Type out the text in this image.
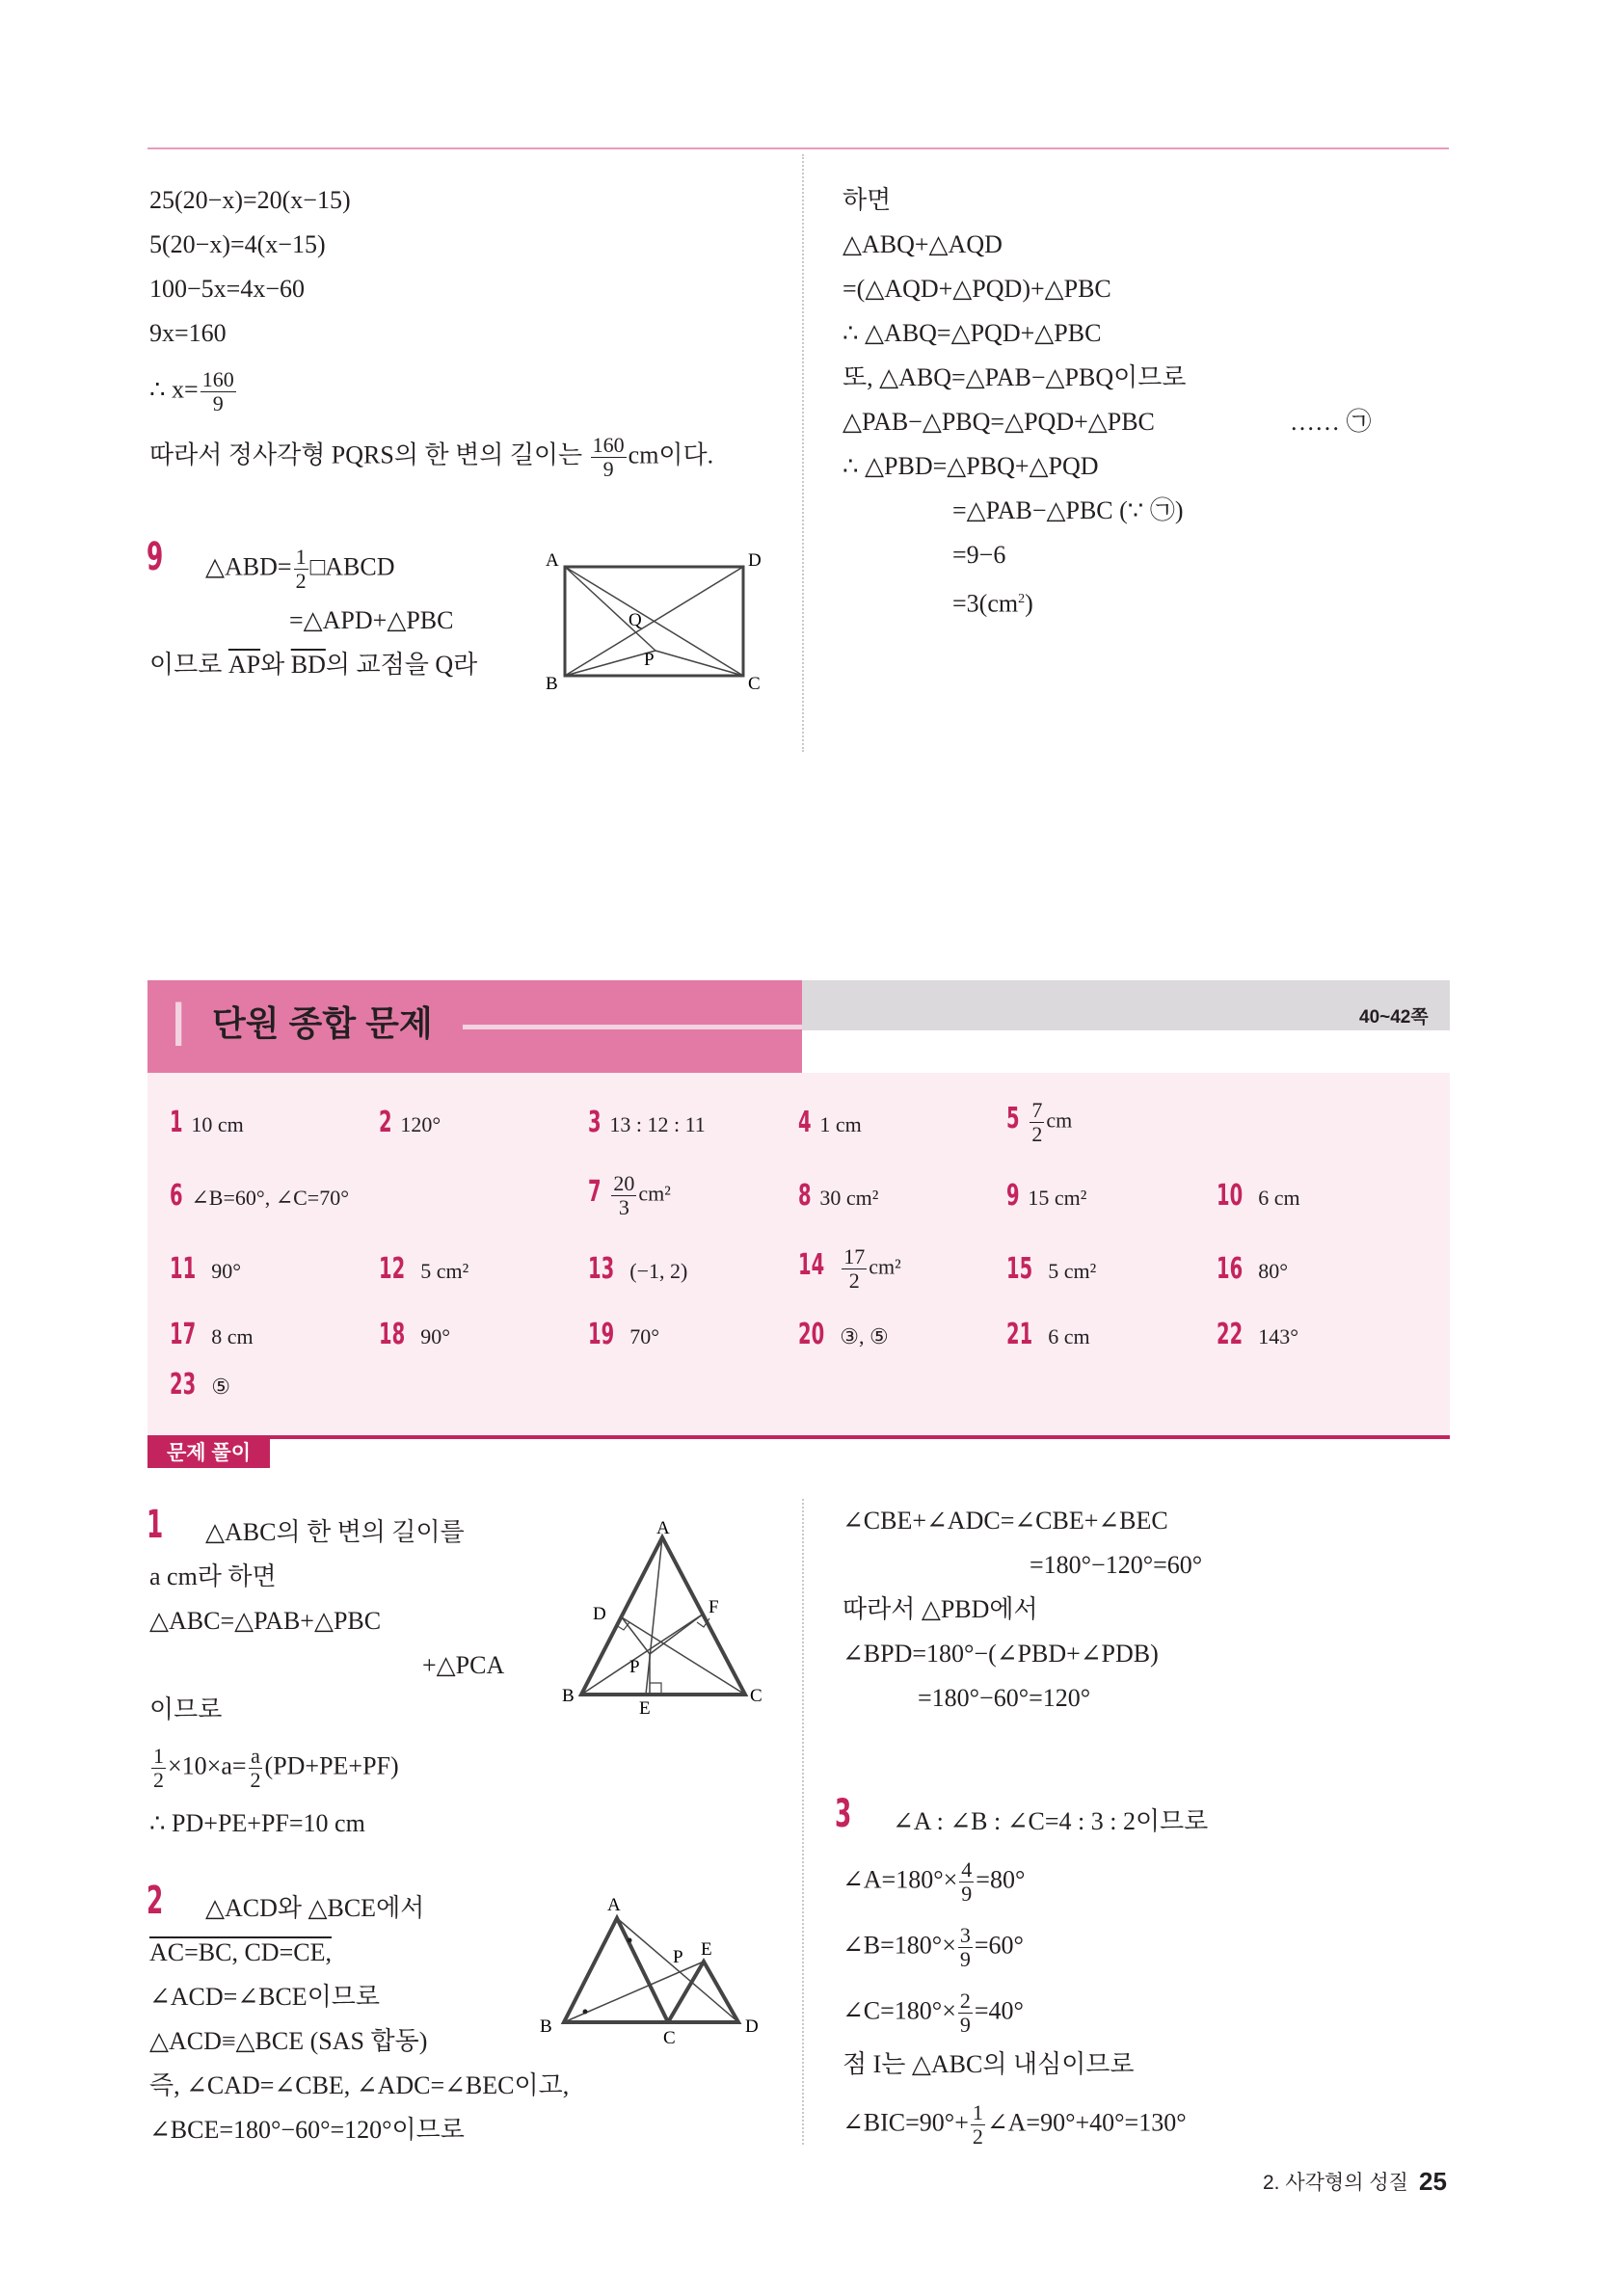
25(20−x)=20(x−15)
5(20−x)=4(x−15)
100−5x=4x−60
9x=160
∴ $x= \frac{160}{9}$
따라서 정사각형 PQRS의 한 변의 길이는 $\frac{160}{9}$ cm이다.
9 △ABD= $\frac{1}{2}$ □ABCD
=△APD+△PBC
이므로 $\overline{AP}$와 $\overline{BD}$의 교점을 Q라
A	D
B	C
Q
P
하면
△ABQ+△AQD
=(△AQD+△PQD)+△PBC
∴ △ABQ=△PQD+△PBC
또, △ABQ=△PAB−△PBQ이므로
△PAB−△PBQ=△PQD+△PBC	…… ㉠
∴ △PBD=△PBQ+△PQD
=△PAB−△PBC (∵ ㉠)
=9−6
$=3(cm^2)$
I 단원 종합 문제	40~42쪽
1 10 cm	2 120°	3 13 : 12 : 11	4 1 cm	$5 \frac{7}{2}$ cm
6 ∠B=60°, ∠C=70°	$7 \frac{20}{3} cm^2$	8 30 cm²	9 15 cm²	10 6 cm
11 90°	12 5 cm²	13 (−1, 2)	$14 \frac{17}{2} cm^2$	15 5 cm²	16 80°
17 8 cm	18 90°	19 70°	20 ③, ⑤	21 6 cm	22 143°
23 ⑤
문제 풀이
1 △ABC의 한 변의 길이를
a cm라 하면
△ABC=△PAB+△PBC
+△PCA
이므로
$\frac{1}{2} \times 10\times a= \frac{a}{2} (PD+PE+PF)$
∴ PD+PE+PF=10 cm
A
B	C
D
E
F
P
2 △ACD와 △BCE에서
AC=BC, CD=CE,
∠ACD=∠BCE이므로
△ACD≡△BCE (SAS 합동)
즉, ∠CAD=∠CBE, ∠ADC=∠BEC이고,
∠BCE=180°−60°=120°이므로
A
B
C
D
E
P
∠CBE+∠ADC=∠CBE+∠BEC
=180°−120°=60°
따라서 △PBD에서
∠BPD=180°−(∠PBD+∠PDB)
=180°−60°=120°
3 ∠A : ∠B : ∠C=4 : 3 : 2이므로
∠A=180°× $\frac{4}{9} =80^\circ$
∠B=180°× $\frac{3}{9} =60^\circ$
∠C=180°× $\frac{2}{9} =40^\circ$
점 I는 △ABC의 내심이므로
∠BIC=90°+ $\frac{1}{2}$ ∠A=90°+40°=130°
2. 사각형의 성질 25
